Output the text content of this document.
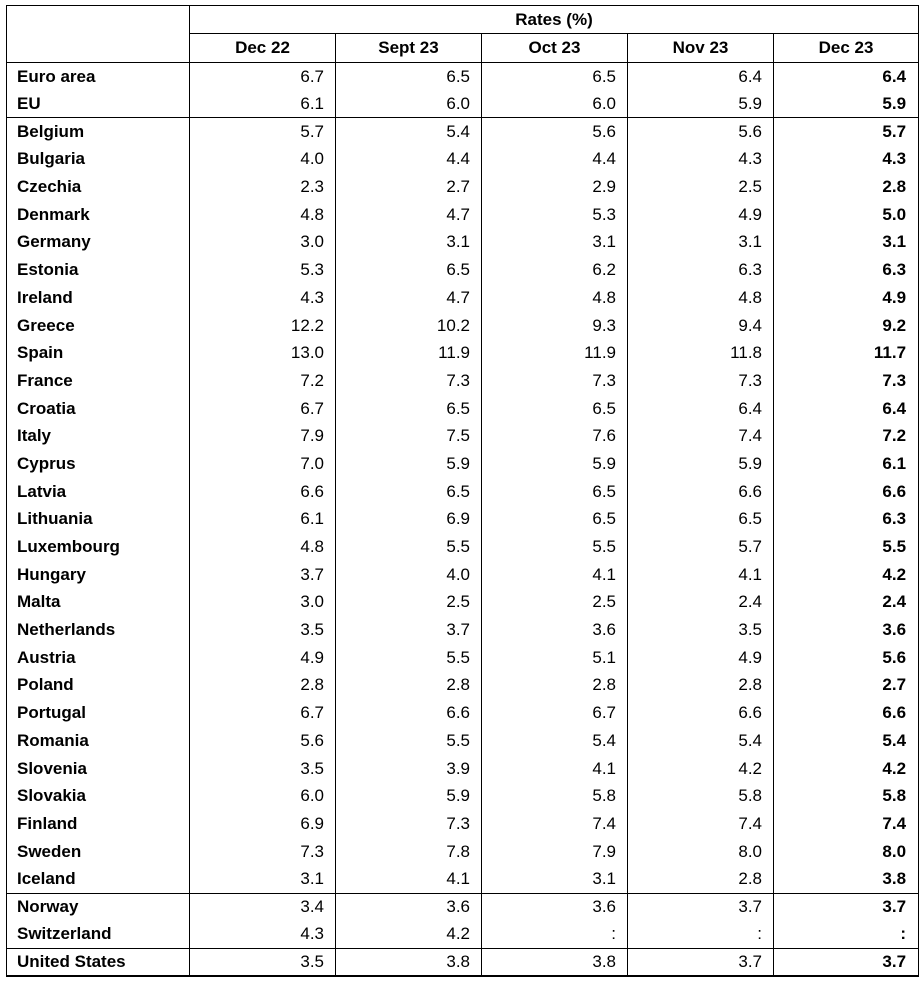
	Rates (%)				
	Dec 22	Sept 23	Oct 23	Nov 23	Dec 23
Euro area	6.7	6.5	6.5	6.4	6.4
EU	6.1	6.0	6.0	5.9	5.9
Belgium	5.7	5.4	5.6	5.6	5.7
Bulgaria	4.0	4.4	4.4	4.3	4.3
Czechia	2.3	2.7	2.9	2.5	2.8
Denmark	4.8	4.7	5.3	4.9	5.0
Germany	3.0	3.1	3.1	3.1	3.1
Estonia	5.3	6.5	6.2	6.3	6.3
Ireland	4.3	4.7	4.8	4.8	4.9
Greece	12.2	10.2	9.3	9.4	9.2
Spain	13.0	11.9	11.9	11.8	11.7
France	7.2	7.3	7.3	7.3	7.3
Croatia	6.7	6.5	6.5	6.4	6.4
Italy	7.9	7.5	7.6	7.4	7.2
Cyprus	7.0	5.9	5.9	5.9	6.1
Latvia	6.6	6.5	6.5	6.6	6.6
Lithuania	6.1	6.9	6.5	6.5	6.3
Luxembourg	4.8	5.5	5.5	5.7	5.5
Hungary	3.7	4.0	4.1	4.1	4.2
Malta	3.0	2.5	2.5	2.4	2.4
Netherlands	3.5	3.7	3.6	3.5	3.6
Austria	4.9	5.5	5.1	4.9	5.6
Poland	2.8	2.8	2.8	2.8	2.7
Portugal	6.7	6.6	6.7	6.6	6.6
Romania	5.6	5.5	5.4	5.4	5.4
Slovenia	3.5	3.9	4.1	4.2	4.2
Slovakia	6.0	5.9	5.8	5.8	5.8
Finland	6.9	7.3	7.4	7.4	7.4
Sweden	7.3	7.8	7.9	8.0	8.0
Iceland	3.1	4.1	3.1	2.8	3.8
Norway	3.4	3.6	3.6	3.7	3.7
Switzerland	4.3	4.2	:	:	:
United States	3.5	3.8	3.8	3.7	3.7
